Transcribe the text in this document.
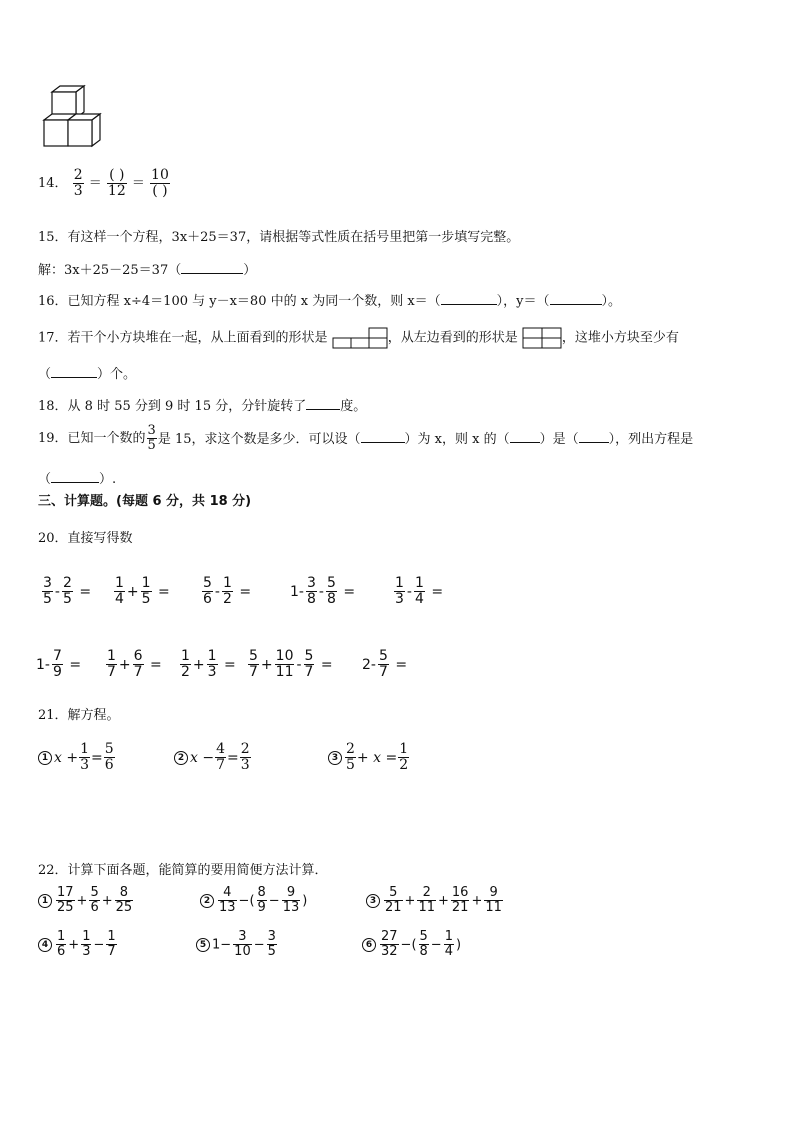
14． $\frac{2}{3} = \frac{( )}{12} = \frac{10}{( )}$
15．有这样一个方程，3x＋25＝37，请根据等式性质在括号里把第一步填写完整。
解：3x＋25－25＝37（	）
16．已知方程 x÷4＝100 与 y－x＝80 中的 x 为同一个数，则 x＝（	），y＝（	）。
17．若干个小方块堆在一起，从上面看到的形状是	，从左边看到的形状是	，这堆小方块至少有
（	）个。
18．从 8 时 55 分到 9 时 15 分，分针旋转了	度。
19．已知一个数的 $\frac{3}{5}$ 是 15，求这个数是多少．可以设（	）为 x，则 x 的（ ）是（ ），列出方程是
（	）.
三、计算题。(每题 6 分，共 18 分)
20．直接写得数
$\frac{3}{5} - \frac{2}{5} = \frac{1}{4} + \frac{1}{5} = \frac{5}{6} - \frac{1}{2}$ =	$1- \frac{3}{8} - \frac{5}{8}$ =	$\frac{1}{3} - \frac{1}{4}$ =
$1- \frac{7}{9} = \frac{1}{7} + \frac{6}{7} = \frac{1}{2} + \frac{1}{3} = \frac{5}{7} + \frac{10}{11} - \frac{5}{7} = 2- \frac{5}{7}$ =
21．解方程。
1 $x + \frac{1}{3} = \frac{5}{6}$	2 $x - \frac{4}{7} = \frac{2}{3}$	$3 \frac{2}{5} + x = \frac{1}{2}$
22．计算下面各题，能简算的要用简便方法计算．
$1 \frac{17}{25} + \frac{5}{6} + \frac{8}{25}$	$2 \frac{4}{13}$ −( $\frac{8}{9} - \frac{9}{13}$ )	$3 \frac{5}{21} + \frac{2}{11} + \frac{16}{21} + \frac{9}{11}$
$4 \frac{1}{6} + \frac{1}{3} - \frac{1}{7}$	5 $1- \frac{3}{10} - \frac{3}{5}$	$6 \frac{27}{32}$ −( $\frac{5}{8} - \frac{1}{4}$ )
